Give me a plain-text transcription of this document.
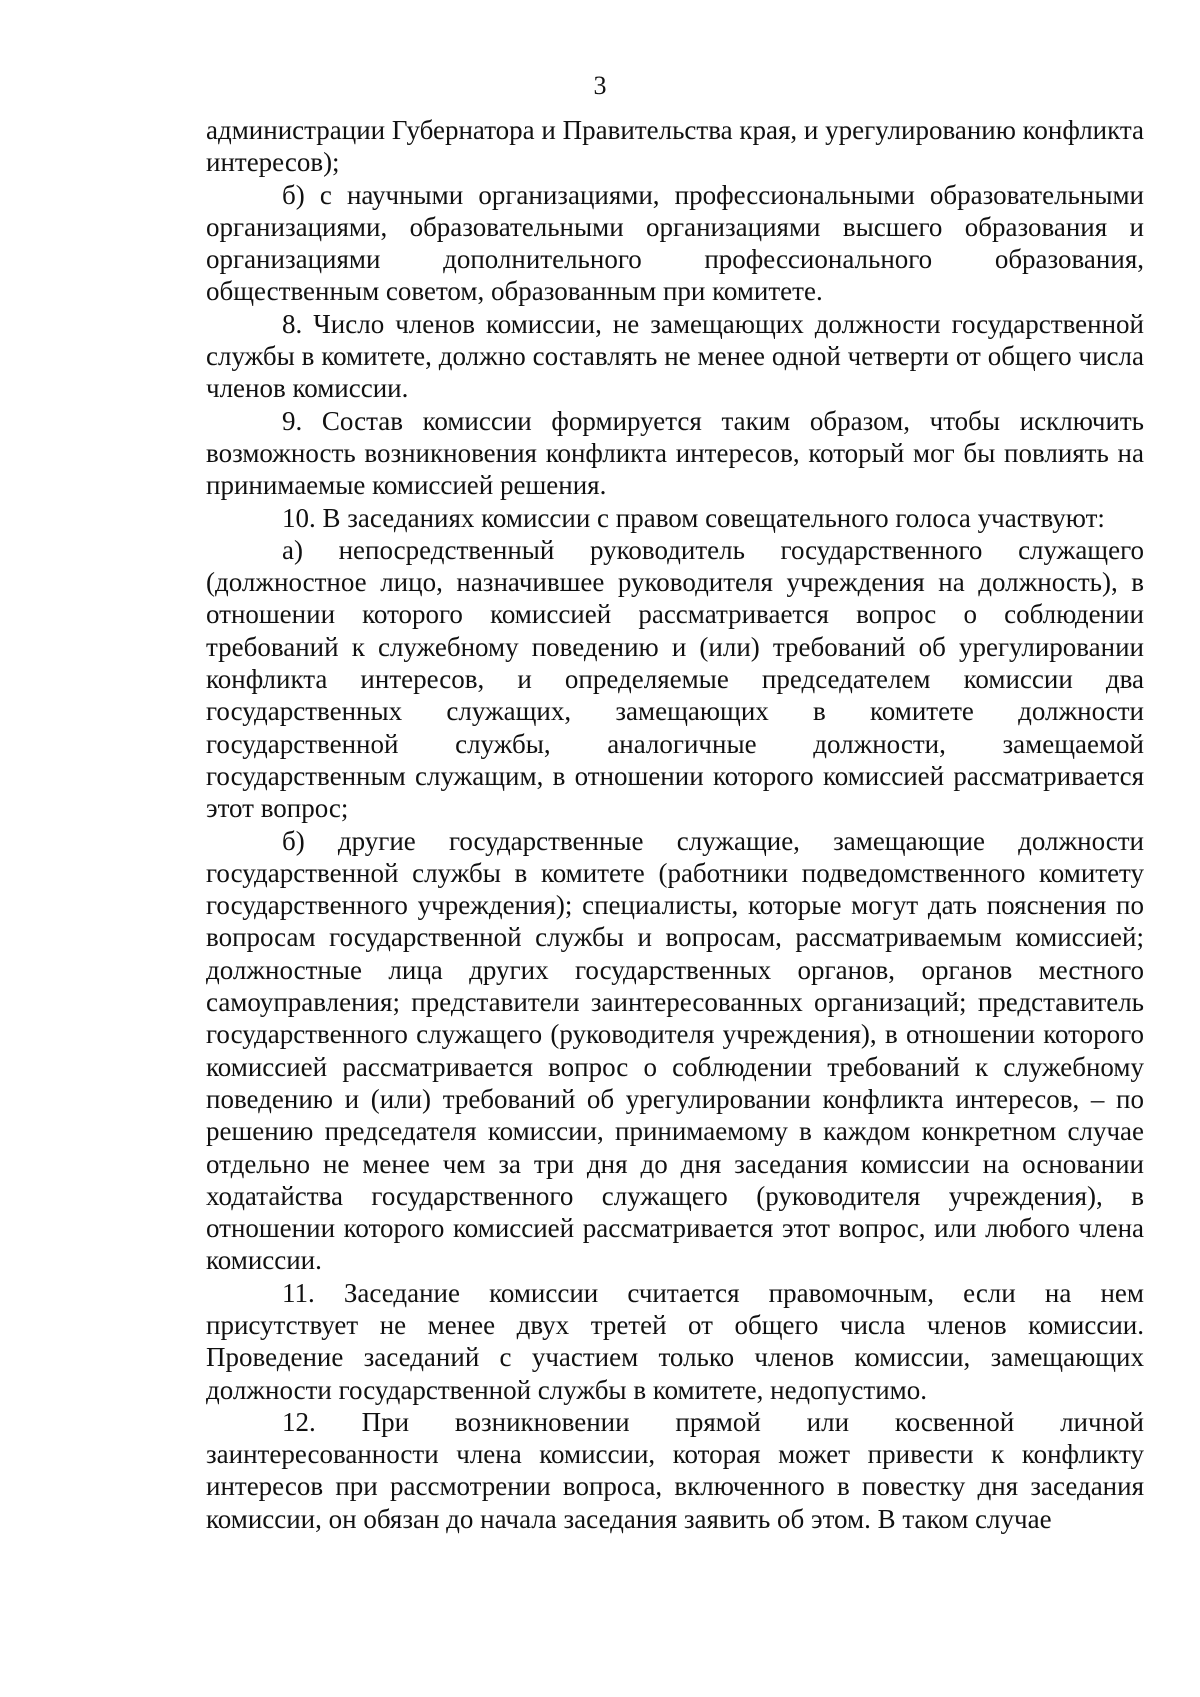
3

администрации Губернатора и Правительства края, и урегулированию конфликта интересов);

б) с научными организациями, профессиональными образовательными организациями, образовательными организациями высшего образования и организациями дополнительного профессионального образования, общественным советом, образованным при комитете.

8. Число членов комиссии, не замещающих должности государственной службы в комитете, должно составлять не менее одной четверти от общего числа членов комиссии.

9. Состав комиссии формируется таким образом, чтобы исключить возможность возникновения конфликта интересов, который мог бы повлиять на принимаемые комиссией решения.

10. В заседаниях комиссии с правом совещательного голоса участвуют:

а) непосредственный руководитель государственного служащего (должностное лицо, назначившее руководителя учреждения на должность), в отношении которого комиссией рассматривается вопрос о соблюдении требований к служебному поведению и (или) требований об урегулировании конфликта интересов, и определяемые председателем комиссии два государственных служащих, замещающих в комитете должности государственной службы, аналогичные должности, замещаемой государственным служащим, в отношении которого комиссией рассматривается этот вопрос;

б) другие государственные служащие, замещающие должности государственной службы в комитете (работники подведомственного комитету государственного учреждения); специалисты, которые могут дать пояснения по вопросам государственной службы и вопросам, рассматриваемым комиссией; должностные лица других государственных органов, органов местного самоуправления; представители заинтересованных организаций; представитель государственного служащего (руководителя учреждения), в отношении которого комиссией рассматривается вопрос о соблюдении требований к служебному поведению и (или) требований об урегулировании конфликта интересов, – по решению председателя комиссии, принимаемому в каждом конкретном случае отдельно не менее чем за три дня до дня заседания комиссии на основании ходатайства государственного служащего (руководителя учреждения), в отношении которого комиссией рассматривается этот вопрос, или любого члена комиссии.

11. Заседание комиссии считается правомочным, если на нем присутствует не менее двух третей от общего числа членов комиссии. Проведение заседаний с участием только членов комиссии, замещающих должности государственной службы в комитете, недопустимо.

12. При возникновении прямой или косвенной личной заинтересованности члена комиссии, которая может привести к конфликту интересов при рассмотрении вопроса, включенного в повестку дня заседания комиссии, он обязан до начала заседания заявить об этом. В таком случае
